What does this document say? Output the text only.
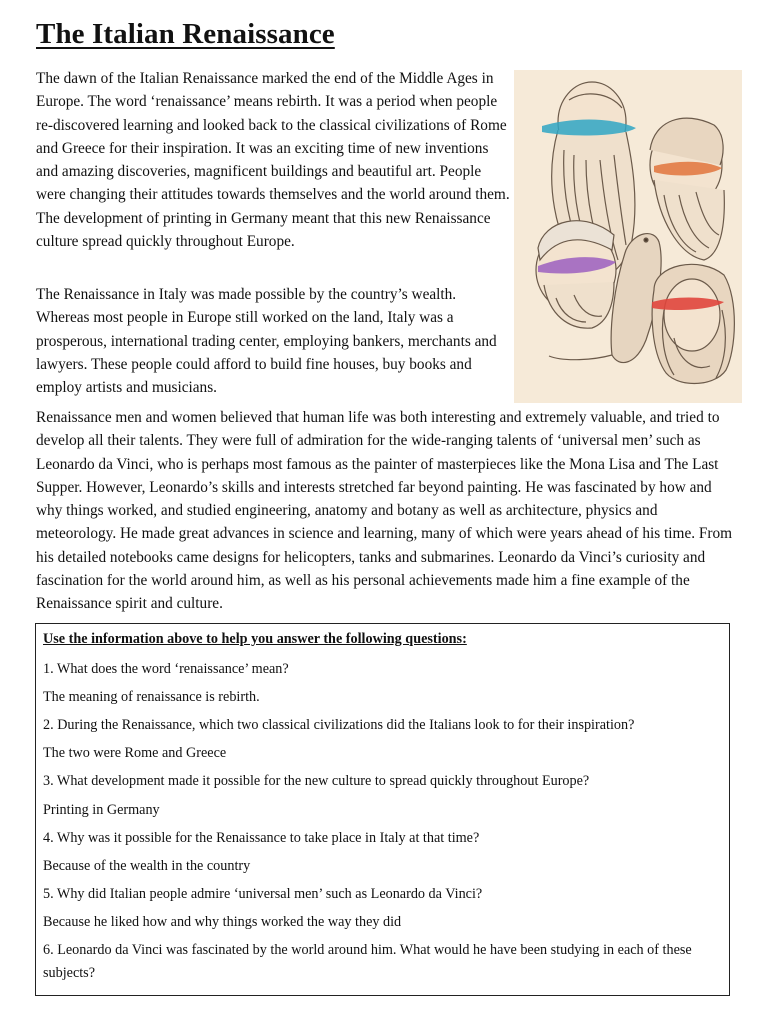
The Italian Renaissance

The dawn of the Italian Renaissance marked the end of the Middle Ages in Europe. The word ‘renaissance’ means rebirth. It was a period when people re-discovered learning and looked back to the classical civilizations of Rome and Greece for their inspiration. It was an exciting time of new inventions and amazing discoveries, magnificent buildings and beautiful art. People were changing their attitudes towards themselves and the world around them. The development of printing in Germany meant that this new Renaissance culture spread quickly throughout Europe.

The Renaissance in Italy was made possible by the country’s wealth. Whereas most people in Europe still worked on the land, Italy was a prosperous, international trading center, employing bankers, merchants and lawyers. These people could afford to build fine houses, buy books and employ artists and musicians.

Renaissance men and women believed that human life was both interesting and extremely valuable, and tried to develop all their talents. They were full of admiration for the wide-ranging talents of ‘universal men’ such as Leonardo da Vinci, who is perhaps most famous as the painter of masterpieces like the Mona Lisa and The Last Supper. However, Leonardo’s skills and interests stretched far beyond painting. He was fascinated by how and why things worked, and studied engineering, anatomy and botany as well as architecture, physics and meteorology. He made great advances in science and learning, many of which were years ahead of his time. From his detailed notebooks came designs for helicopters, tanks and submarines. Leonardo da Vinci’s curiosity and fascination for the world around him, as well as his personal achievements made him a fine example of the Renaissance spirit and culture.

Use the information above to help you answer the following questions:

1. What does the word ‘renaissance’ mean?

The meaning of renaissance is rebirth.

2. During the Renaissance, which two classical civilizations did the Italians look to for their inspiration?

The two were Rome and Greece

3. What development made it possible for the new culture to spread quickly throughout Europe?

Printing in Germany

4. Why was it possible for the Renaissance to take place in Italy at that time?

Because of the wealth in the country

5. Why did Italian people admire ‘universal men’ such as Leonardo da Vinci?

Because he liked how and why things worked the way they did

6. Leonardo da Vinci was fascinated by the world around him. What would he have been studying in each of these subjects?
